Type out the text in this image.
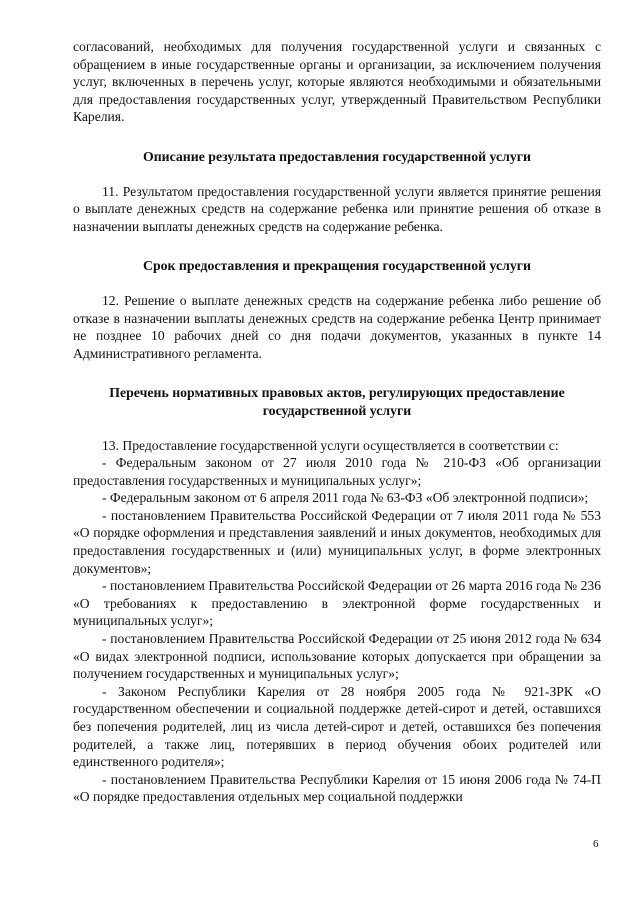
согласований, необходимых для получения государственной услуги и связанных с обращением в иные государственные органы и организации, за исключением получения услуг, включенных в перечень услуг, которые являются необходимыми и обязательными для предоставления государственных услуг, утвержденный Правительством Республики Карелия.

Описание результата предоставления государственной услуги

11. Результатом предоставления государственной услуги является принятие решения о выплате денежных средств на содержание ребенка или принятие решения об отказе в назначении выплаты денежных средств на содержание ребенка.

Срок предоставления и прекращения государственной услуги

12. Решение о выплате денежных средств на содержание ребенка либо решение об отказе в назначении выплаты денежных средств на содержание ребенка Центр принимает не позднее 10 рабочих дней со дня подачи документов, указанных в пункте 14 Административного регламента.

Перечень нормативных правовых актов, регулирующих предоставление государственной услуги

13. Предоставление государственной услуги осуществляется в соответствии с:

- Федеральным законом от 27 июля 2010 года № 210-ФЗ «Об организации предоставления государственных и муниципальных услуг»;

- Федеральным законом от 6 апреля 2011 года № 63-ФЗ «Об электронной подписи»;

- постановлением Правительства Российской Федерации от 7 июля 2011 года № 553 «О порядке оформления и представления заявлений и иных документов, необходимых для предоставления государственных и (или) муниципальных услуг, в форме электронных документов»;

- постановлением Правительства Российской Федерации от 26 марта 2016 года № 236 «О требованиях к предоставлению в электронной форме государственных и муниципальных услуг»;

- постановлением Правительства Российской Федерации от 25 июня 2012 года № 634 «О видах электронной подписи, использование которых допускается при обращении за получением государственных и муниципальных услуг»;

- Законом Республики Карелия от 28 ноября 2005 года № 921-ЗРК «О государственном обеспечении и социальной поддержке детей-сирот и детей, оставшихся без попечения родителей, лиц из числа детей-сирот и детей, оставшихся без попечения родителей, а также лиц, потерявших в период обучения обоих родителей или единственного родителя»;

- постановлением Правительства Республики Карелия от 15 июня 2006 года № 74-П «О порядке предоставления отдельных мер социальной поддержки

6
